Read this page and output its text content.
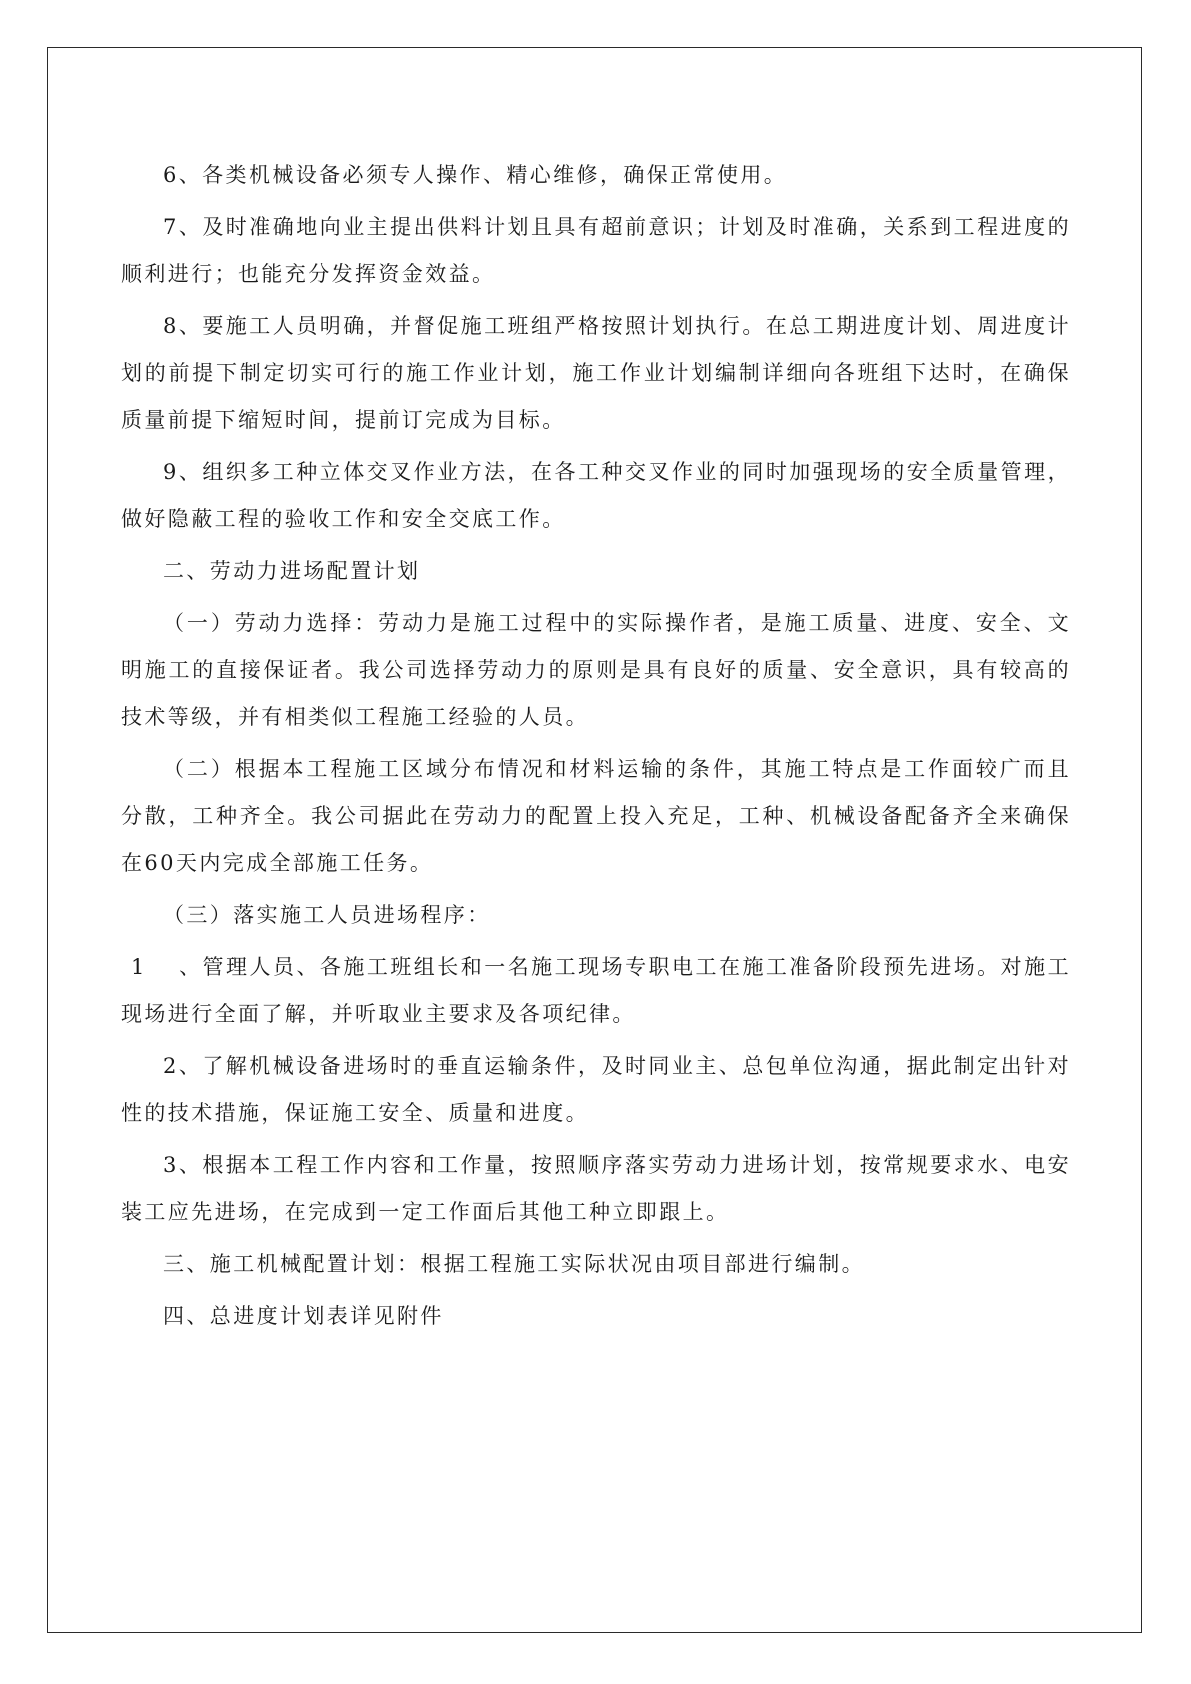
6、各类机械设备必须专人操作、精心维修，确保正常使用。

7、及时准确地向业主提出供料计划且具有超前意识；计划及时准确，关系到工程进度的顺利进行；也能充分发挥资金效益。

8、要施工人员明确，并督促施工班组严格按照计划执行。在总工期进度计划、周进度计划的前提下制定切实可行的施工作业计划，施工作业计划编制详细向各班组下达时，在确保质量前提下缩短时间，提前订完成为目标。

9、组织多工种立体交叉作业方法，在各工种交叉作业的同时加强现场的安全质量管理，做好隐蔽工程的验收工作和安全交底工作。

二、劳动力进场配置计划

（一）劳动力选择：劳动力是施工过程中的实际操作者，是施工质量、进度、安全、文明施工的直接保证者。我公司选择劳动力的原则是具有良好的质量、安全意识，具有较高的技术等级，并有相类似工程施工经验的人员。

（二）根据本工程施工区域分布情况和材料运输的条件，其施工特点是工作面较广而且分散，工种齐全。我公司据此在劳动力的配置上投入充足，工种、机械设备配备齐全来确保在60天内完成全部施工任务。

（三）落实施工人员进场程序：

1 、管理人员、各施工班组长和一名施工现场专职电工在施工准备阶段预先进场。对施工现场进行全面了解，并听取业主要求及各项纪律。

2、了解机械设备进场时的垂直运输条件，及时同业主、总包单位沟通，据此制定出针对性的技术措施，保证施工安全、质量和进度。

3、根据本工程工作内容和工作量，按照顺序落实劳动力进场计划，按常规要求水、电安装工应先进场，在完成到一定工作面后其他工种立即跟上。

三、施工机械配置计划：根据工程施工实际状况由项目部进行编制。

四、总进度计划表详见附件
